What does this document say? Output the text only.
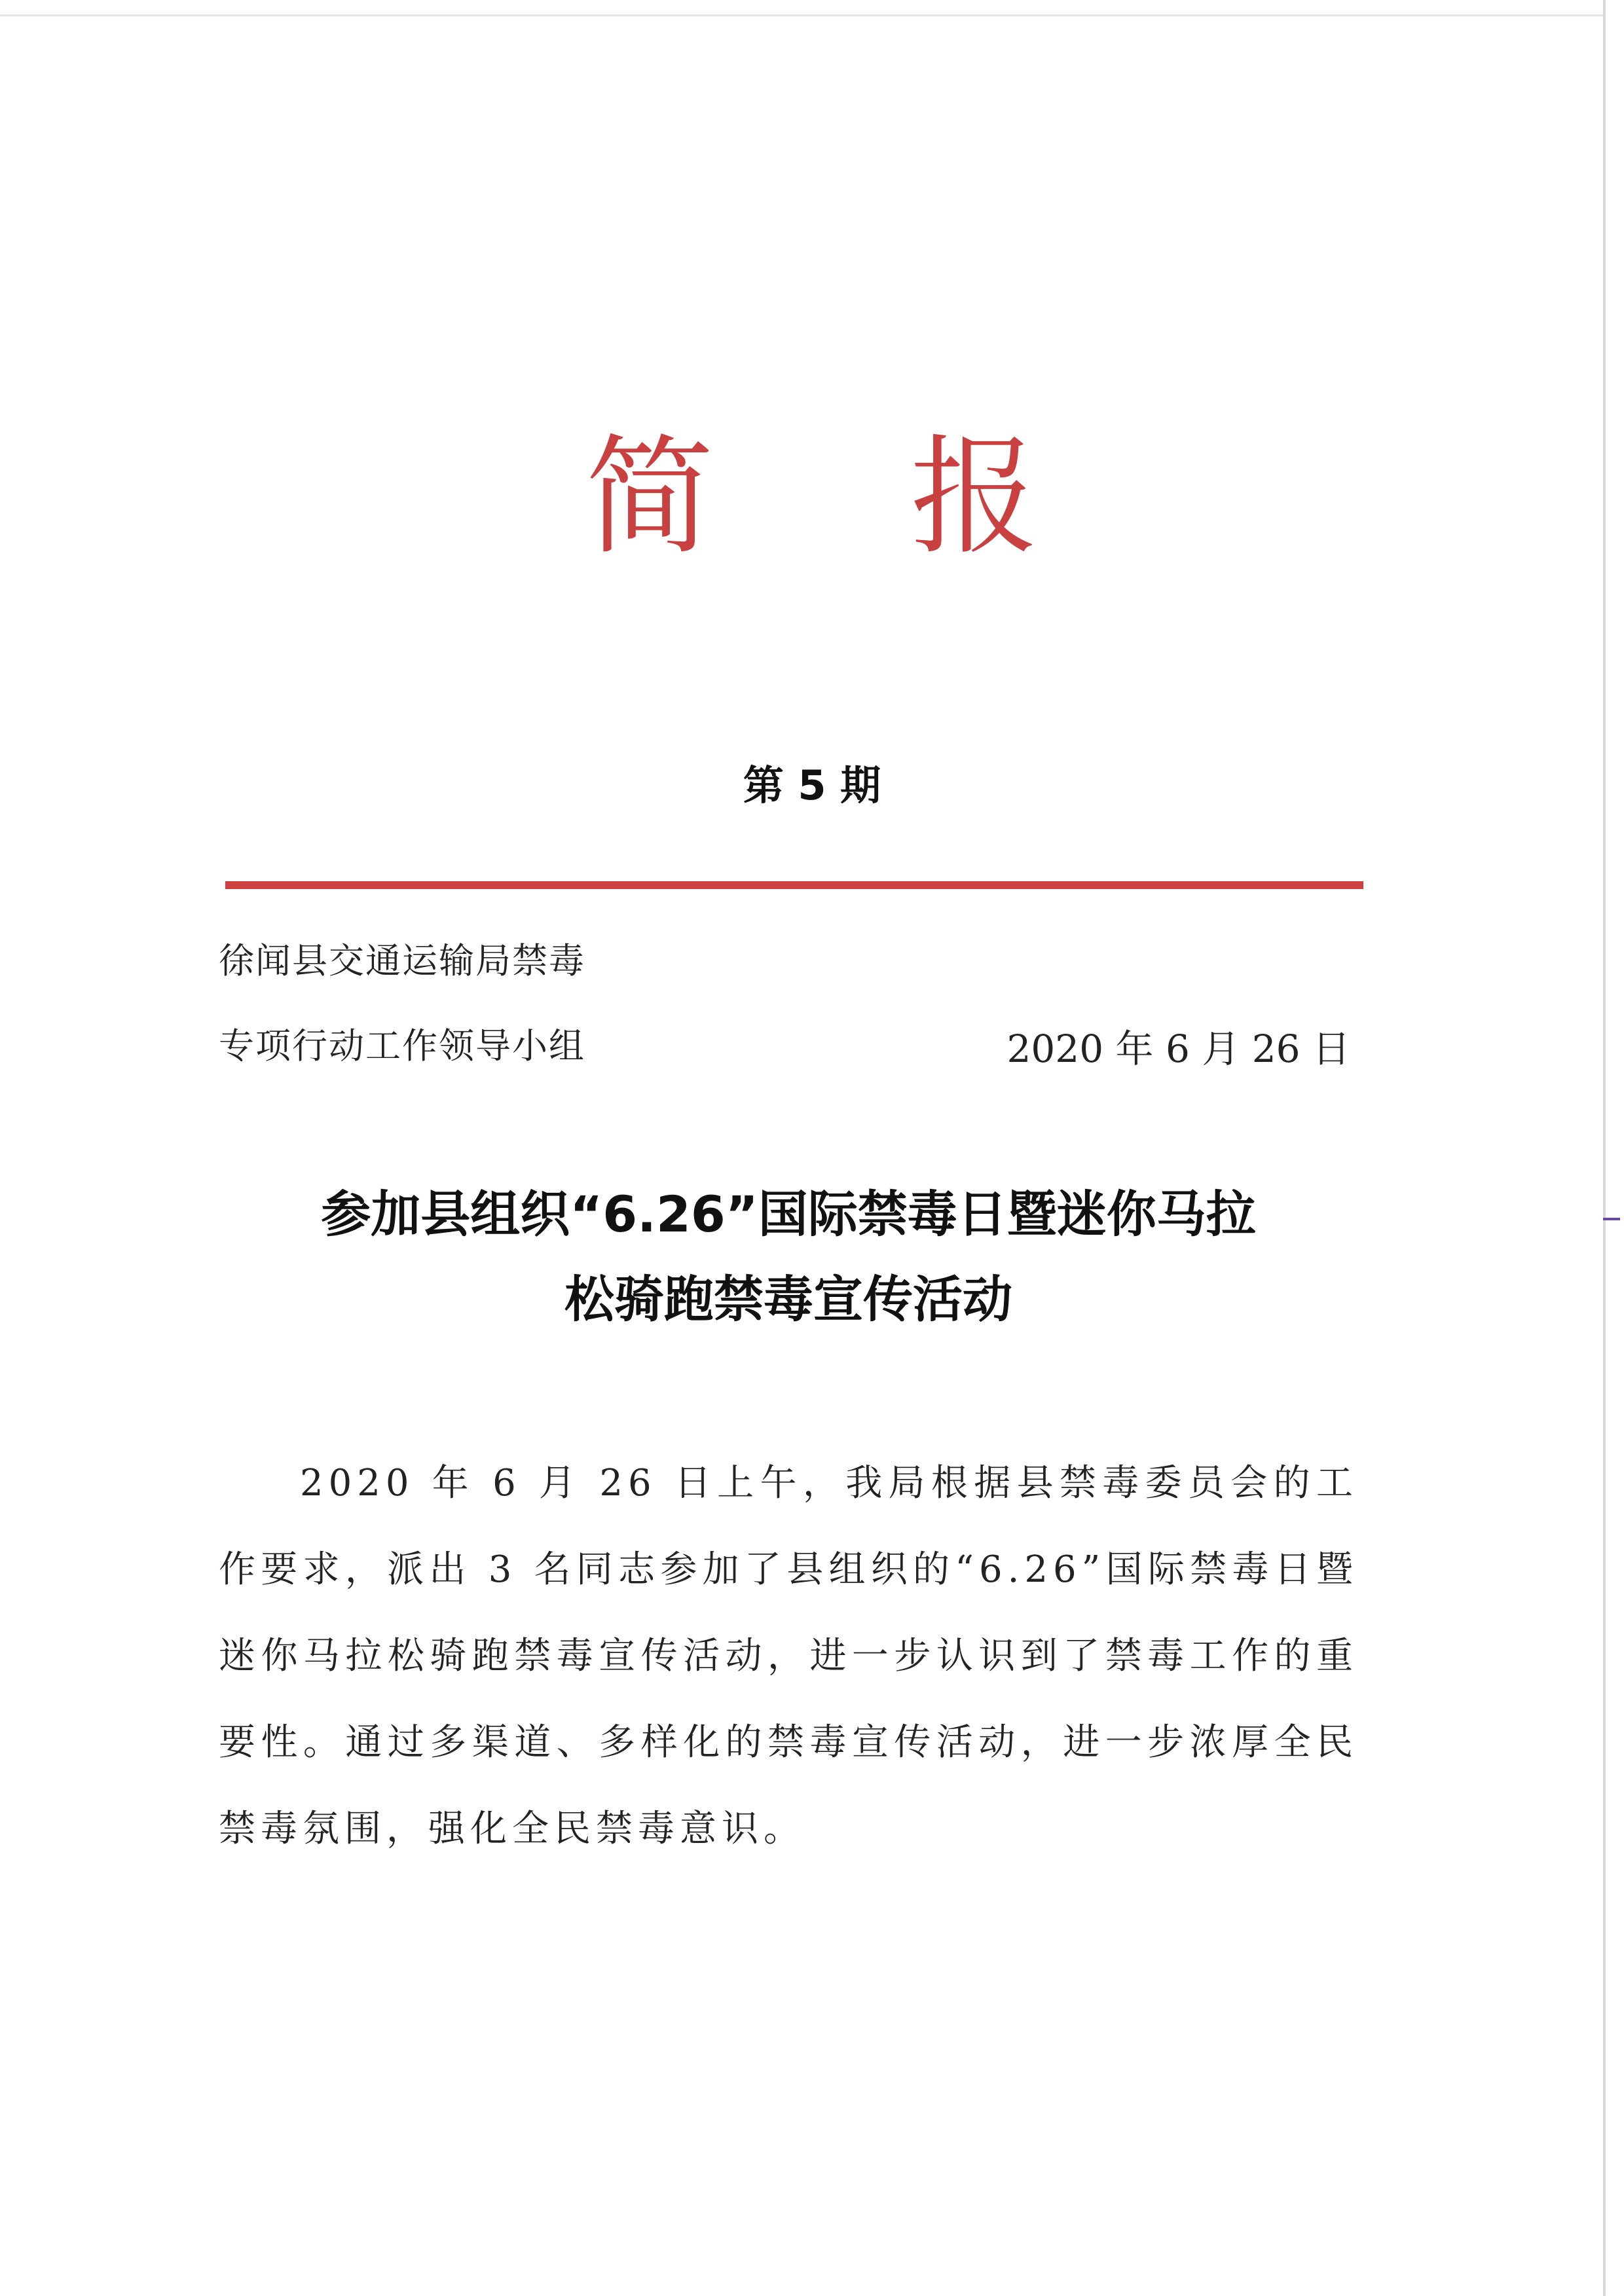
简 报
第 5 期
徐闻县交通运输局禁毒
专项行动工作领导小组	2020 年 6 月 26 日
参加县组织“6.26”国际禁毒日暨迷你马拉
松骑跑禁毒宣传活动
2020 年 6 月 26 日上午，我局根据县禁毒委员会的工作要求，派出 3 名同志参加了县组织的“6.26”国际禁毒日暨迷你马拉松骑跑禁毒宣传活动，进一步认识到了禁毒工作的重要性。通过多渠道、多样化的禁毒宣传活动，进一步浓厚全民禁毒氛围，强化全民禁毒意识。
